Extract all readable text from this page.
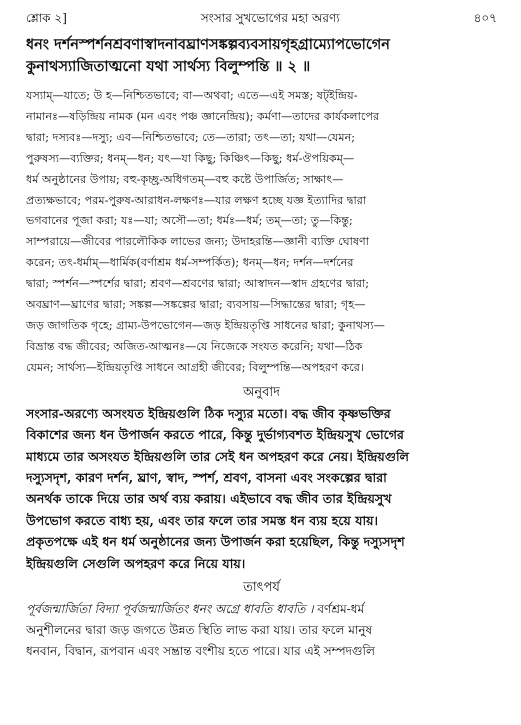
শ্লোক ২]	সংসার সুখভোগের মহা অরণ্য	৪০৭
ধনং দর্শনস্পর্শনশ্রবণাস্বাদনাবঘ্রাণসঙ্কল্পব্যবসায়গৃহগ্রাম্যোপভোগেন
কুনাথস্যাজিতাত্মনো যথা সার্থস্য বিলুম্পন্তি ॥ ২ ॥
যস্যাম্—যাতে; উ হ—নিশ্চিতভাবে; বা—অথবা; এতে—এই সমস্ত; ষট্ইন্দ্রিয়-
নামানঃ—ষড়িন্দ্রিয় নামক (মন এবং পঞ্চ জ্ঞানেন্দ্রিয়); কর্মণা—তাদের কার্যকলাপের
দ্বারা; দস্যবঃ—দস্যু; এব—নিশ্চিতভাবে; তে—তারা; তৎ—তা; যথা—যেমন;
পুরুষস্য—ব্যক্তির; ধনম্—ধন; যৎ—যা কিছু; কিঞ্চিৎ—কিছু; ধর্ম-ঔপয়িকম্—
ধর্ম অনুষ্ঠানের উপায়; বহু-কৃচ্ছ্র-অধিগতম্—বহু কষ্টে উপার্জিত; সাক্ষাৎ—
প্রত্যক্ষভাবে; পরম-পুরুষ-আরাধন-লক্ষণঃ—যার লক্ষণ হচ্ছে যজ্ঞ ইত্যাদির দ্বারা
ভগবানের পূজা করা; যঃ—যা; অসৌ—তা; ধর্মঃ—ধর্ম; তম্—তা; তু—কিন্তু;
সাম্পরায়ে—জীবের পারলৌকিক লাভের জন্য; উদাহরন্তি—জ্ঞানী ব্যক্তি ঘোষণা
করেন; তৎ-ধর্মাম্—ধার্মিক(বর্ণাশ্রম ধর্ম-সম্পর্কিত); ধনম্—ধন; দর্শন—দর্শনের
দ্বারা; স্পর্শন—স্পর্শের দ্বারা; শ্রবণ—শ্রবণের দ্বারা; আস্বাদন—স্বাদ গ্রহণের দ্বারা;
অবঘ্রাণ—ঘ্রাণের দ্বারা; সঙ্কল্প—সঙ্কল্পের দ্বারা; ব্যবসায়—সিদ্ধান্তের দ্বারা; গৃহ—
জড় জাগতিক গৃহে; গ্রাম্য-উপভোগেন—জড় ইন্দ্রিয়তৃপ্তি সাধনের দ্বারা; কুনাথস্য—
বিভ্রান্ত বদ্ধ জীবের; অজিত-আত্মনঃ—যে নিজেকে সংযত করেনি; যথা—ঠিক
যেমন; সার্থস্য—ইন্দ্রিয়তৃপ্তি সাধনে আগ্রহী জীবের; বিলুম্পন্তি—অপহরণ করে।
অনুবাদ
সংসার-অরণ্যে অসংযত ইন্দ্রিয়গুলি ঠিক দস্যুর মতো। বদ্ধ জীব কৃষ্ণভক্তির
বিকাশের জন্য ধন উপার্জন করতে পারে, কিন্তু দুর্ভাগ্যবশত ইন্দ্রিয়সুখ ভোগের
মাধ্যমে তার অসংযত ইন্দ্রিয়গুলি তার সেই ধন অপহরণ করে নেয়। ইন্দ্রিয়গুলি
দস্যুসদৃশ, কারণ দর্শন, ঘ্রাণ, স্বাদ, স্পর্শ, শ্রবণ, বাসনা এবং সংকল্পের দ্বারা
অনর্থক তাকে দিয়ে তার অর্থ ব্যয় করায়। এইভাবে বদ্ধ জীব তার ইন্দ্রিয়সুখ
উপভোগ করতে বাধ্য হয়, এবং তার ফলে তার সমস্ত ধন ব্যয় হয়ে যায়।
প্রকৃতপক্ষে এই ধন ধর্ম অনুষ্ঠানের জন্য উপার্জন করা হয়েছিল, কিন্তু দস্যুসদৃশ
ইন্দ্রিয়গুলি সেগুলি অপহরণ করে নিয়ে যায়।
তাৎপর্য
পূর্বজন্মার্জিতা বিদ্যা পূর্বজন্মার্জিতং ধনং অগ্রে ধাবতি ধাবতি । বর্ণশ্রম-ধর্ম
অনুশীলনের দ্বারা জড় জগতে উন্নত স্থিতি লাভ করা যায়। তার ফলে মানুষ
ধনবান, বিদ্বান, রূপবান এবং সম্ভ্রান্ত বংশীয় হতে পারে। যার এই সম্পদগুলি
